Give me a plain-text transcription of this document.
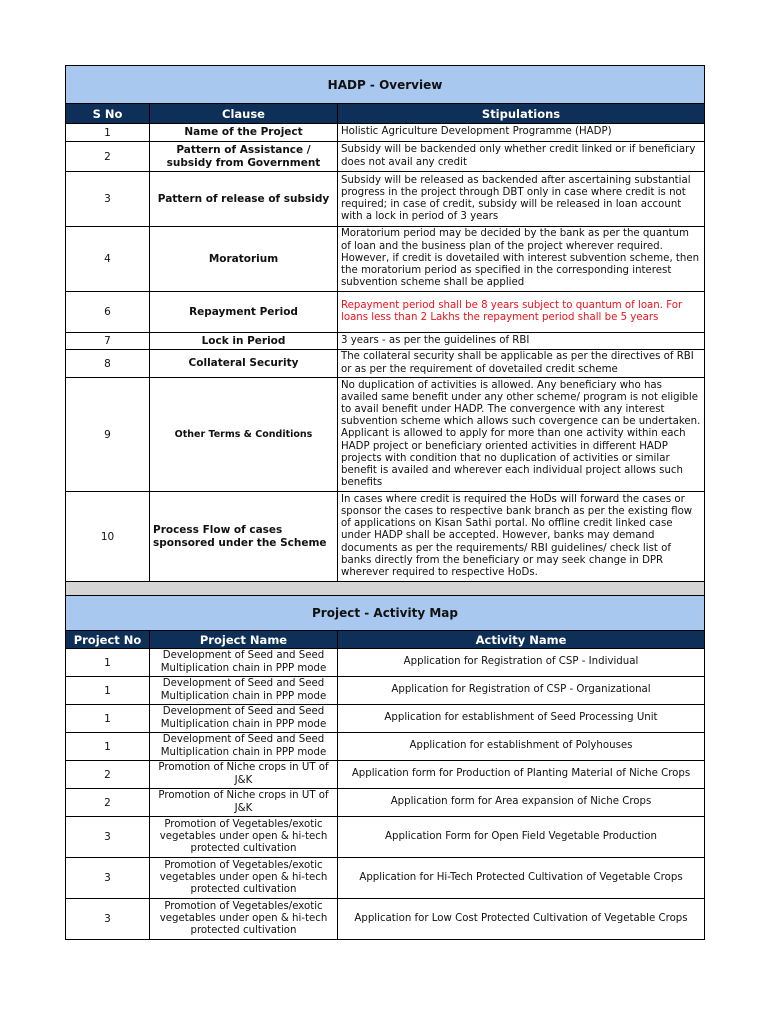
HADP - Overview		
S No	Clause	Stipulations
1	Name of the Project	Holistic Agriculture Development Programme (HADP)
2	Pattern of Assistance / subsidy from Government	Subsidy will be backended only whether credit linked or if beneficiary does not avail any credit
3	Pattern of release of subsidy	Subsidy will be released as backended after ascertaining substantial progress in the project through DBT only in case where credit is not required; in case of credit, subsidy will be released in loan account with a lock in period of 3 years
4	Moratorium	Moratorium period may be decided by the bank as per the quantum of loan and the business plan of the project wherever required. However, if credit is dovetailed with interest subvention scheme, then the moratorium period as specified in the corresponding interest subvention scheme shall be applied
6	Repayment Period	Repayment period shall be 8 years subject to quantum of loan. For loans less than 2 Lakhs the repayment period shall be 5 years
7	Lock in Period	3 years - as per the guidelines of RBI
8	Collateral Security	The collateral security shall be applicable as per the directives of RBI or as per the requirement of dovetailed credit scheme
9	Other Terms & Conditions	No duplication of activities is allowed. Any beneficiary who has availed same benefit under any other scheme/ program is not eligible to avail benefit under HADP. The convergence with any interest subvention scheme which allows such covergence can be undertaken. Applicant is allowed to apply for more than one activity within each HADP project or beneficiary oriented activities in different HADP projects with condition that no duplication of activities or similar benefit is availed and wherever each individual project allows such benefits
10	Process Flow of cases sponsored under the Scheme	In cases where credit is required the HoDs will forward the cases or sponsor the cases to respective bank branch as per the existing flow of applications on Kisan Sathi portal. No offline credit linked case under HADP shall be accepted. However, banks may demand documents as per the requirements/ RBI guidelines/ check list of banks directly from the beneficiary or may seek change in DPR wherever required to respective HoDs.

Project - Activity Map		
Project No	Project Name	Activity Name
1	Development of Seed and Seed Multiplication chain in PPP mode	Application for Registration of CSP - Individual
1	Development of Seed and Seed Multiplication chain in PPP mode	Application for Registration of CSP - Organizational
1	Development of Seed and Seed Multiplication chain in PPP mode	Application for establishment of Seed Processing Unit
1	Development of Seed and Seed Multiplication chain in PPP mode	Application for establishment of Polyhouses
2	Promotion of Niche crops in UT of J&K	Application form for Production of Planting Material of Niche Crops
2	Promotion of Niche crops in UT of J&K	Application form for Area expansion of Niche Crops
3	Promotion of Vegetables/exotic vegetables under open & hi-tech protected cultivation	Application Form for Open Field Vegetable Production
3	Promotion of Vegetables/exotic vegetables under open & hi-tech protected cultivation	Application for Hi-Tech Protected Cultivation of Vegetable Crops
3	Promotion of Vegetables/exotic vegetables under open & hi-tech protected cultivation	Application for Low Cost Protected Cultivation of Vegetable Crops
